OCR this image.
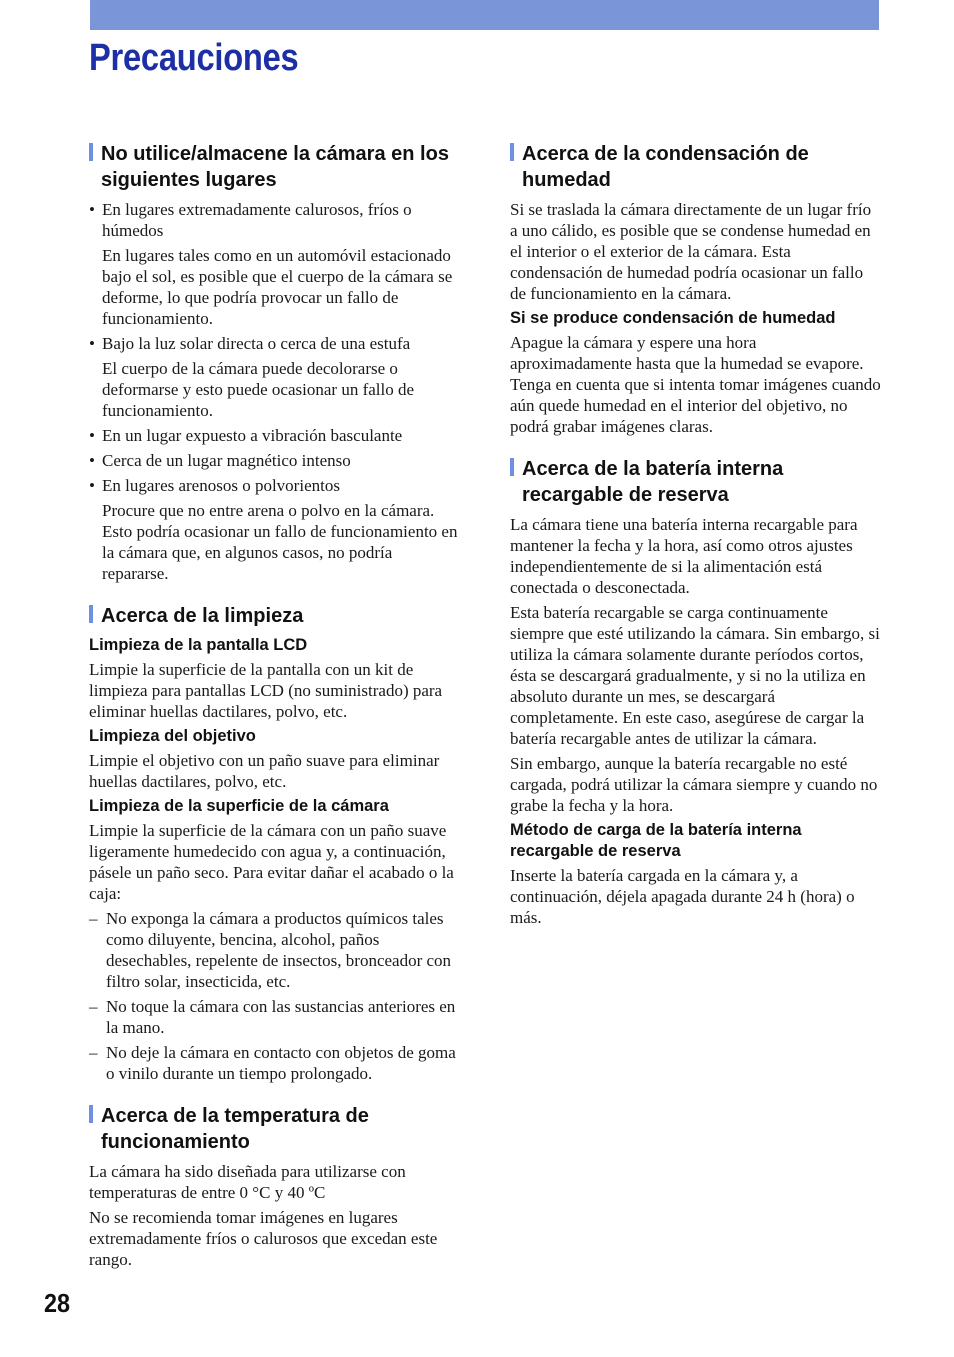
Precauciones
No utilice/almacene la cámara en los siguientes lugares
• En lugares extremadamente calurosos, fríos o húmedos
En lugares tales como en un automóvil estacionado bajo el sol, es posible que el cuerpo de la cámara se deforme, lo que podría provocar un fallo de funcionamiento.
• Bajo la luz solar directa o cerca de una estufa
El cuerpo de la cámara puede decolorarse o deformarse y esto puede ocasionar un fallo de funcionamiento.
• En un lugar expuesto a vibración basculante
• Cerca de un lugar magnético intenso
• En lugares arenosos o polvorientos
Procure que no entre arena o polvo en la cámara. Esto podría ocasionar un fallo de funcionamiento en la cámara que, en algunos casos, no podría repararse.
Acerca de la limpieza
Limpieza de la pantalla LCD

Limpie la superficie de la pantalla con un kit de limpieza para pantallas LCD (no suministrado) para eliminar huellas dactilares, polvo, etc.

Limpieza del objetivo

Limpie el objetivo con un paño suave para eliminar huellas dactilares, polvo, etc.

Limpieza de la superficie de la cámara

Limpie la superficie de la cámara con un paño suave ligeramente humedecido con agua y, a continuación, pásele un paño seco. Para evitar dañar el acabado o la caja:

– No exponga la cámara a productos químicos tales como diluyente, bencina, alcohol, paños desechables, repelente de insectos, bronceador con filtro solar, insecticida, etc.
– No toque la cámara con las sustancias anteriores en la mano.
– No deje la cámara en contacto con objetos de goma o vinilo durante un tiempo prolongado.
Acerca de la temperatura de funcionamiento

La cámara ha sido diseñada para utilizarse con temperaturas de entre 0 °C y 40 ºC

No se recomienda tomar imágenes en lugares extremadamente fríos o calurosos que excedan este rango.

Acerca de la condensación de humedad

Si se traslada la cámara directamente de un lugar frío a uno cálido, es posible que se condense humedad en el interior o el exterior de la cámara. Esta condensación de humedad podría ocasionar un fallo de funcionamiento en la cámara.

Si se produce condensación de humedad

Apague la cámara y espere una hora aproximadamente hasta que la humedad se evapore. Tenga en cuenta que si intenta tomar imágenes cuando aún quede humedad en el interior del objetivo, no podrá grabar imágenes claras.

Acerca de la batería interna recargable de reserva

La cámara tiene una batería interna recargable para mantener la fecha y la hora, así como otros ajustes independientemente de si la alimentación está conectada o desconectada.

Esta batería recargable se carga continuamente siempre que esté utilizando la cámara. Sin embargo, si utiliza la cámara solamente durante períodos cortos, ésta se descargará gradualmente, y si no la utiliza en absoluto durante un mes, se descargará completamente. En este caso, asegúrese de cargar la batería recargable antes de utilizar la cámara.

Sin embargo, aunque la batería recargable no esté cargada, podrá utilizar la cámara siempre y cuando no grabe la fecha y la hora.

Método de carga de la batería interna recargable de reserva

Inserte la batería cargada en la cámara y, a continuación, déjela apagada durante 24 h (hora) o más.

28
